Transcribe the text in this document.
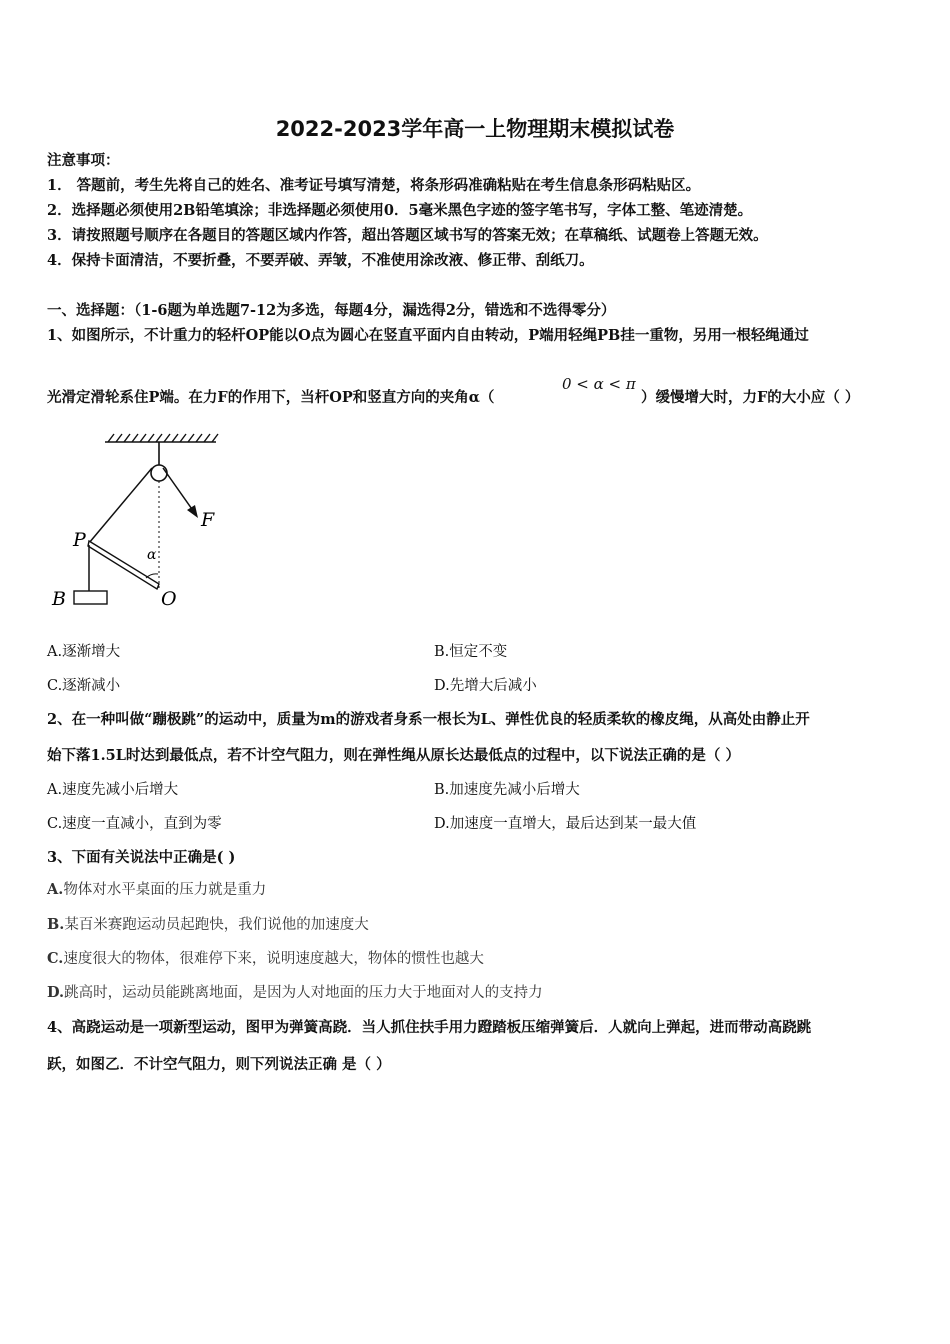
2022-2023学年高一上物理期末模拟试卷
注意事项：
1． 答题前，考生先将自己的姓名、准考证号填写清楚，将条形码准确粘贴在考生信息条形码粘贴区。
2．选择题必须使用2B铅笔填涂；非选择题必须使用0．5毫米黑色字迹的签字笔书写，字体工整、笔迹清楚。
3．请按照题号顺序在各题目的答题区域内作答，超出答题区域书写的答案无效；在草稿纸、试题卷上答题无效。
4．保持卡面清洁，不要折叠，不要弄破、弄皱，不准使用涂改液、修正带、刮纸刀。
一、选择题：（1-6题为单选题7-12为多选，每题4分，漏选得2分，错选和不选得零分）
1、如图所示，不计重力的轻杆OP能以O点为圆心在竖直平面内自由转动，P端用轻绳PB挂一重物，另用一根轻绳通过
光滑定滑轮系住P端。在力F的作用下，当杆OP和竖直方向的夹角α（
0 < α < π
）缓慢增大时，力F的大小应（ ）
P
F
α
B	O
A.逐渐增大	B.恒定不变
C.逐渐减小	D.先增大后减小
2、在一种叫做“蹦极跳”的运动中，质量为m的游戏者身系一根长为L、弹性优良的轻质柔软的橡皮绳，从高处由静止开
始下落1.5L时达到最低点，若不计空气阻力，则在弹性绳从原长达最低点的过程中，以下说法正确的是（ ）
A.速度先减小后增大	B.加速度先减小后增大
C.速度一直减小，直到为零	D.加速度一直增大，最后达到某一最大值
3、下面有关说法中正确是( )
A.物体对水平桌面的压力就是重力
B.某百米赛跑运动员起跑快，我们说他的加速度大
C.速度很大的物体，很难停下来，说明速度越大，物体的惯性也越大
D.跳高时，运动员能跳离地面，是因为人对地面的压力大于地面对人的支持力
4、高跷运动是一项新型运动，图甲为弹簧高跷．当人抓住扶手用力蹬踏板压缩弹簧后．人就向上弹起，进而带动高跷跳
跃，如图乙．不计空气阻力，则下列说法正确 是（ ）
